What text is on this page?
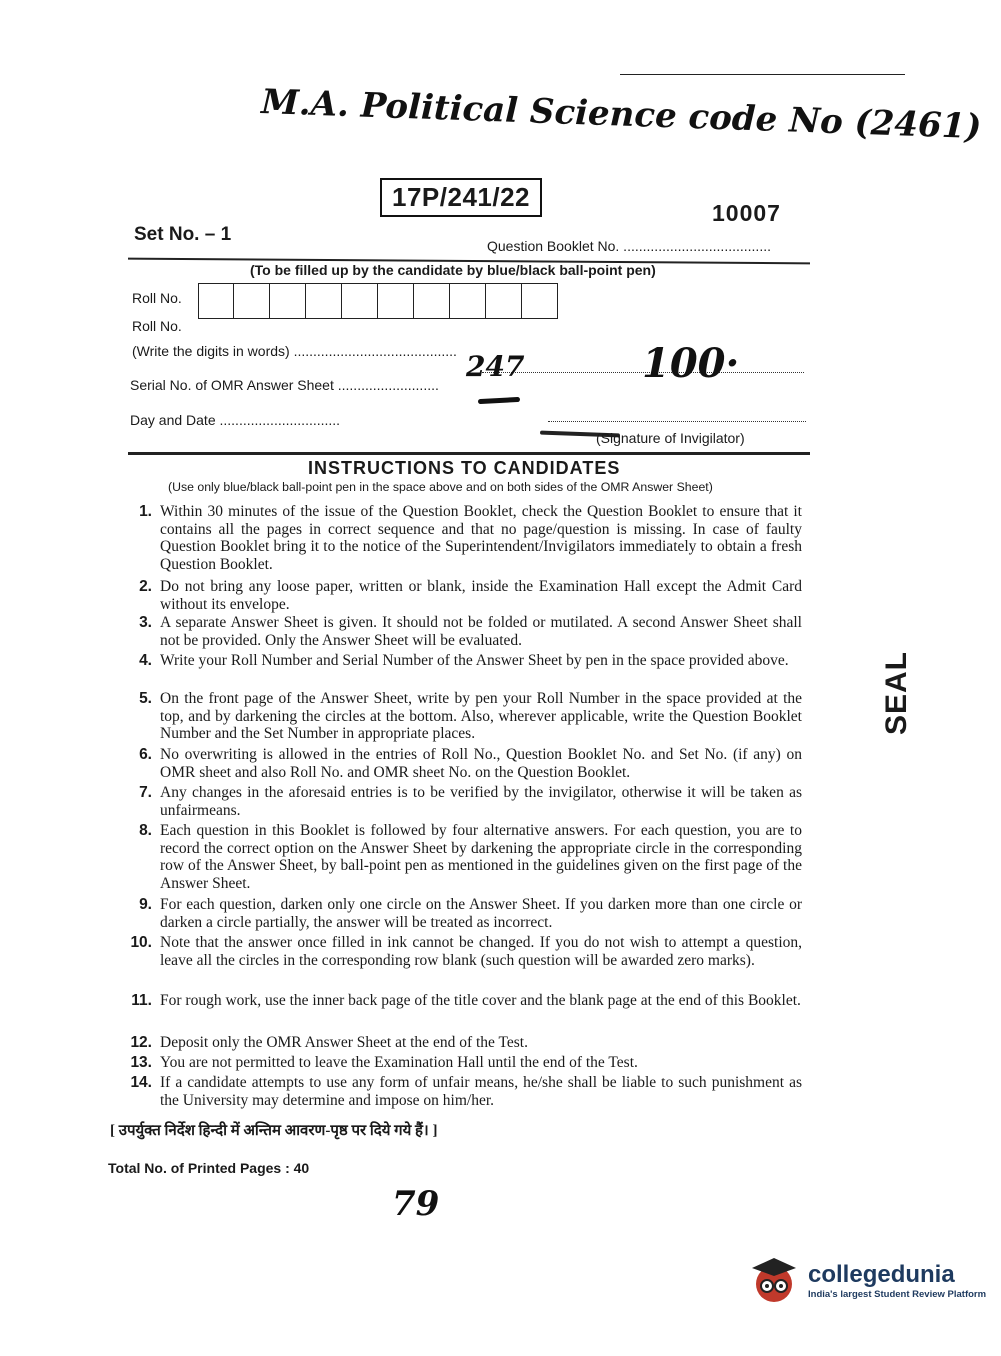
M.A. Political Science code No (2461)
17P/241/22
10007
Set No. – 1
Question Booklet No. ......................................
(To be filled up by the candidate by blue/black ball-point pen)
Roll No.
Roll No.
(Write the digits in words) .......................................... 247	100·
Serial No. of OMR Answer Sheet ..........................
Day and Date ...............................
(Signature of Invigilator)
INSTRUCTIONS TO CANDIDATES
(Use only blue/black ball-point pen in the space above and on both sides of the OMR Answer Sheet)
1. Within 30 minutes of the issue of the Question Booklet, check the Question Booklet to ensure that it contains all the pages in correct sequence and that no page/question is missing. In case of faulty Question Booklet bring it to the notice of the Superintendent/Invigilators immediately to obtain a fresh Question Booklet.
2. Do not bring any loose paper, written or blank, inside the Examination Hall except the Admit Card without its envelope.
3. A separate Answer Sheet is given. It should not be folded or mutilated. A second Answer Sheet shall not be provided. Only the Answer Sheet will be evaluated.
4. Write your Roll Number and Serial Number of the Answer Sheet by pen in the space provided above.
5. On the front page of the Answer Sheet, write by pen your Roll Number in the space provided at the top, and by darkening the circles at the bottom. Also, wherever applicable, write the Question Booklet Number and the Set Number in appropriate places.
6. No overwriting is allowed in the entries of Roll No., Question Booklet No. and Set No. (if any) on OMR sheet and also Roll No. and OMR sheet No. on the Question Booklet.
7. Any changes in the aforesaid entries is to be verified by the invigilator, otherwise it will be taken as unfairmeans.
8. Each question in this Booklet is followed by four alternative answers. For each question, you are to record the correct option on the Answer Sheet by darkening the appropriate circle in the corresponding row of the Answer Sheet, by ball-point pen as mentioned in the guidelines given on the first page of the Answer Sheet.
9. For each question, darken only one circle on the Answer Sheet. If you darken more than one circle or darken a circle partially, the answer will be treated as incorrect.
10. Note that the answer once filled in ink cannot be changed. If you do not wish to attempt a question, leave all the circles in the corresponding row blank (such question will be awarded zero marks).
11. For rough work, use the inner back page of the title cover and the blank page at the end of this Booklet.
12. Deposit only the OMR Answer Sheet at the end of the Test.
13. You are not permitted to leave the Examination Hall until the end of the Test.
14. If a candidate attempts to use any form of unfair means, he/she shall be liable to such punishment as the University may determine and impose on him/her.
[ उपर्युक्त निर्देश हिन्दी में अन्तिम आवरण-पृष्ठ पर दिये गये हैं। ]
Total No. of Printed Pages : 40
79
SEAL
collegedunia
India's largest Student Review Platform
